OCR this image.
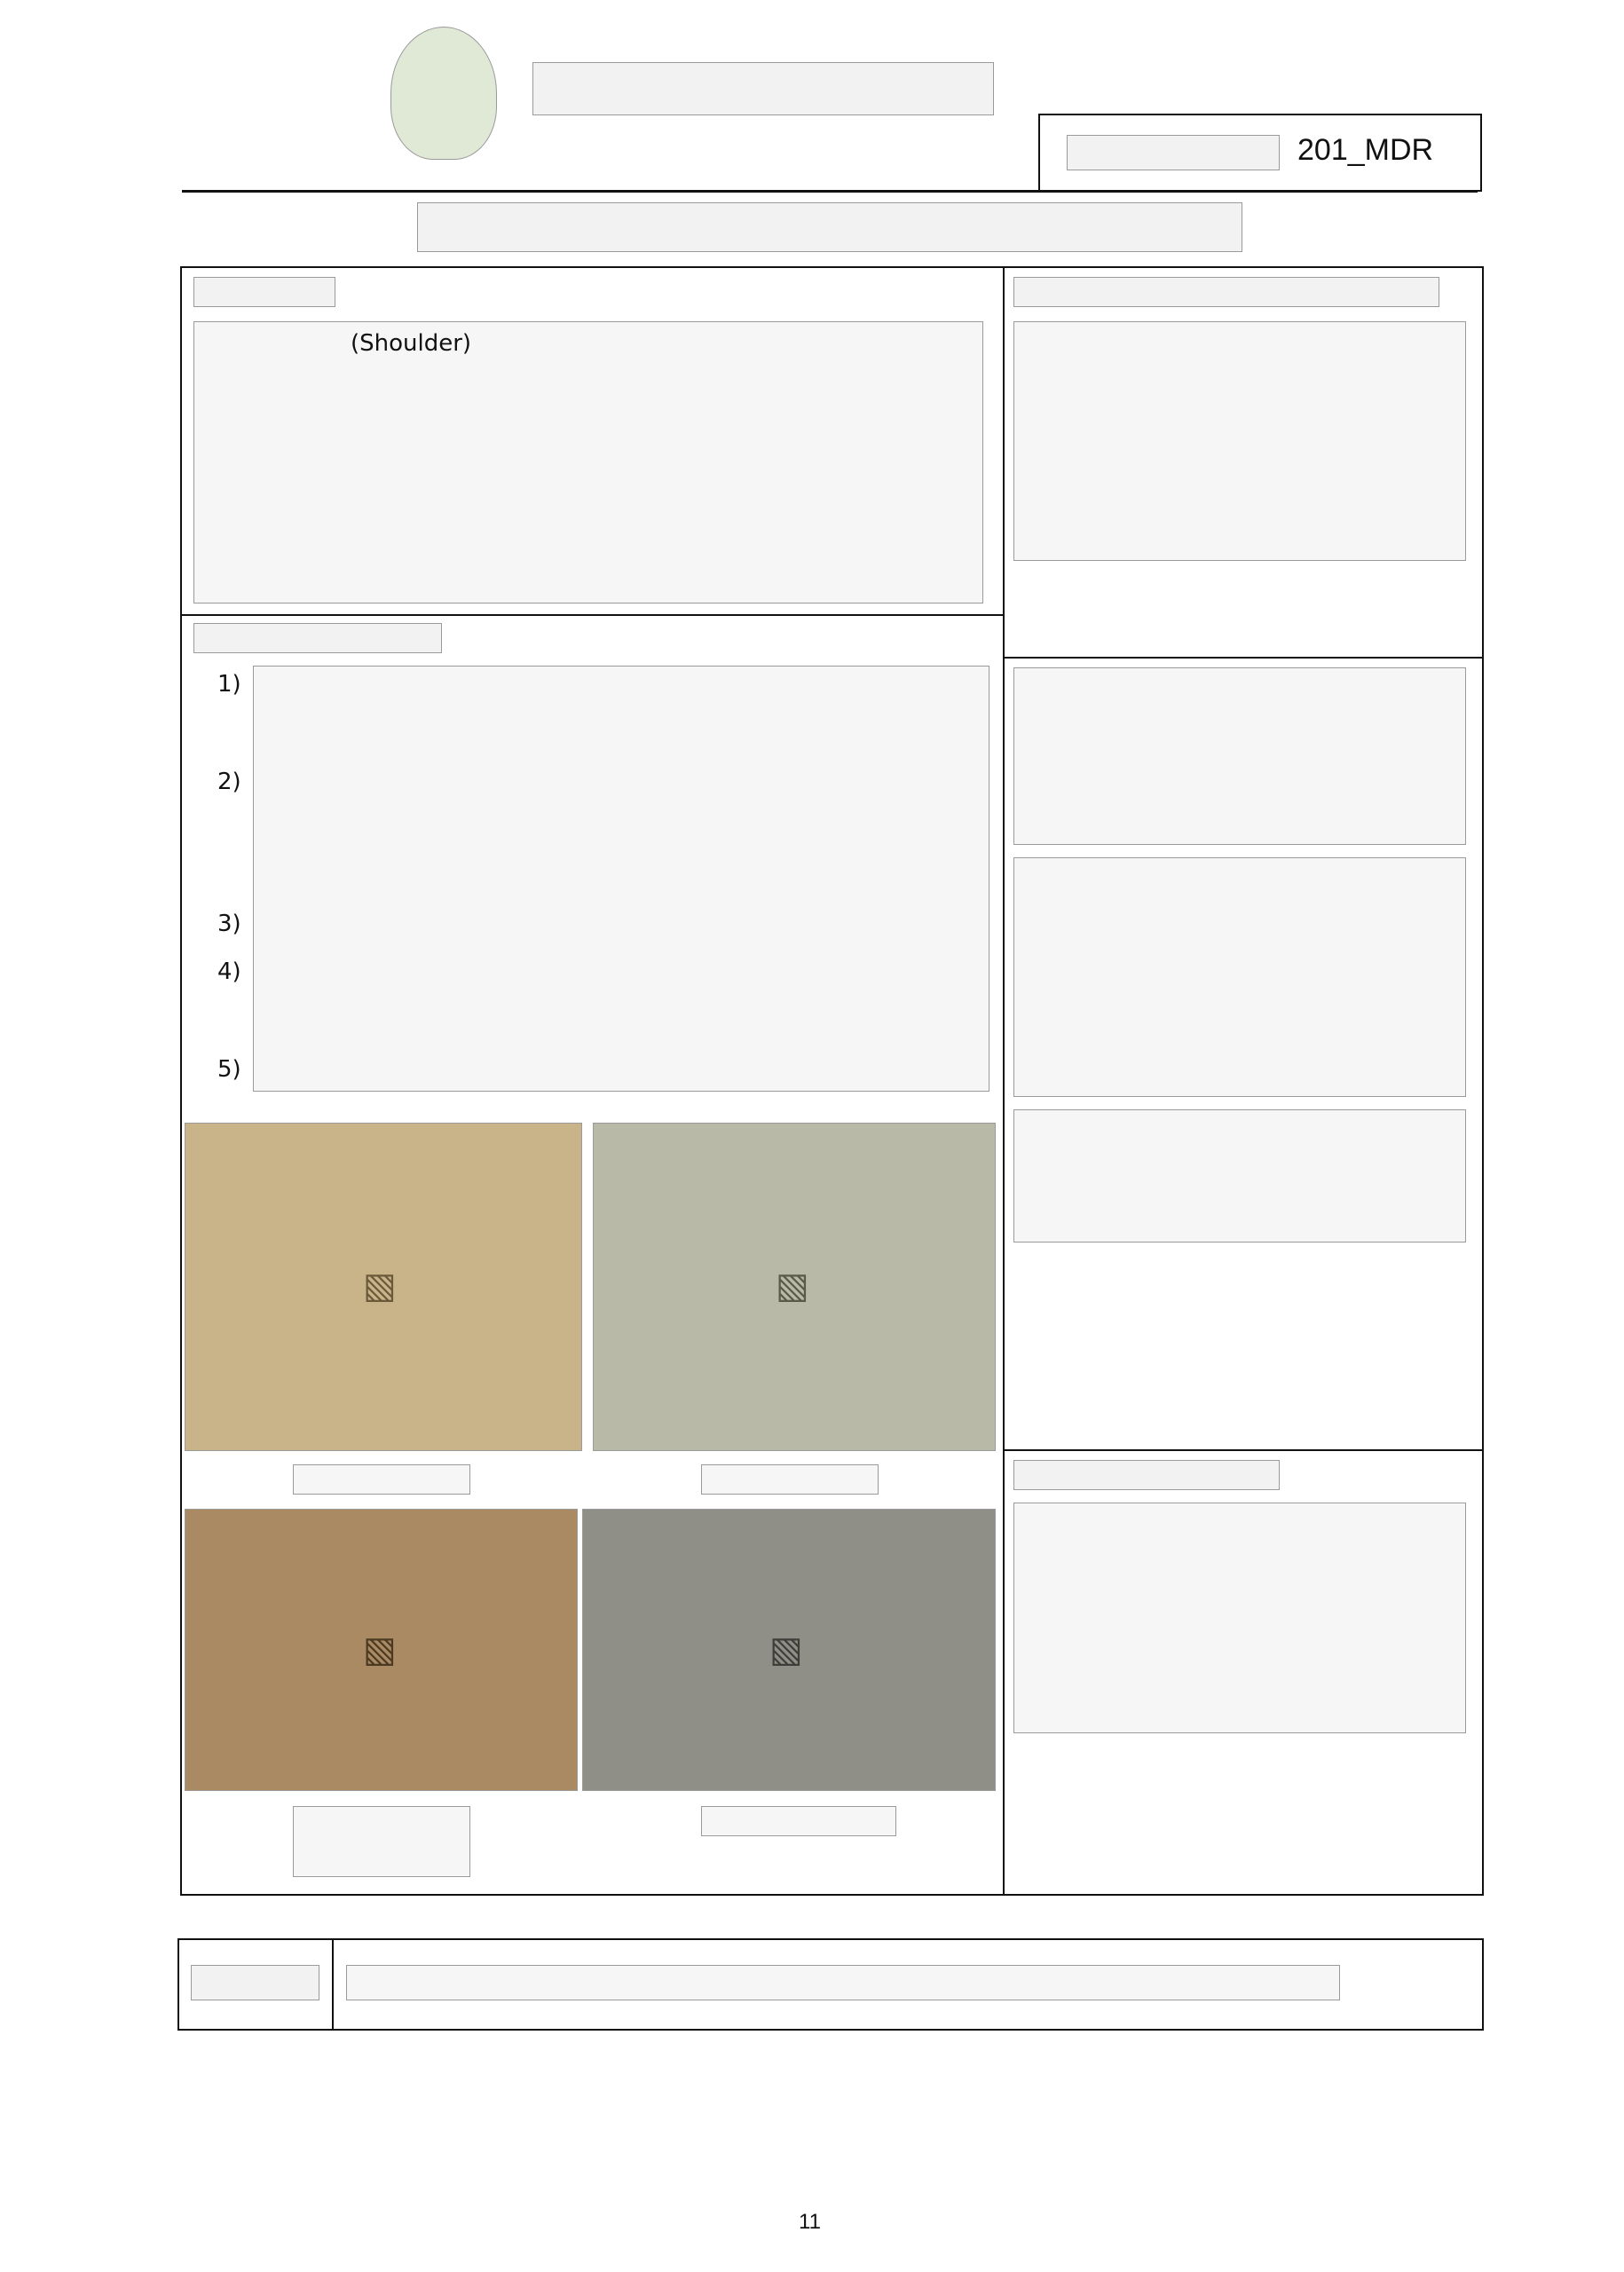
201_MDR
(Shoulder)
1)
2)
3)
4)
5)
▧	▧
▧	▧
11
